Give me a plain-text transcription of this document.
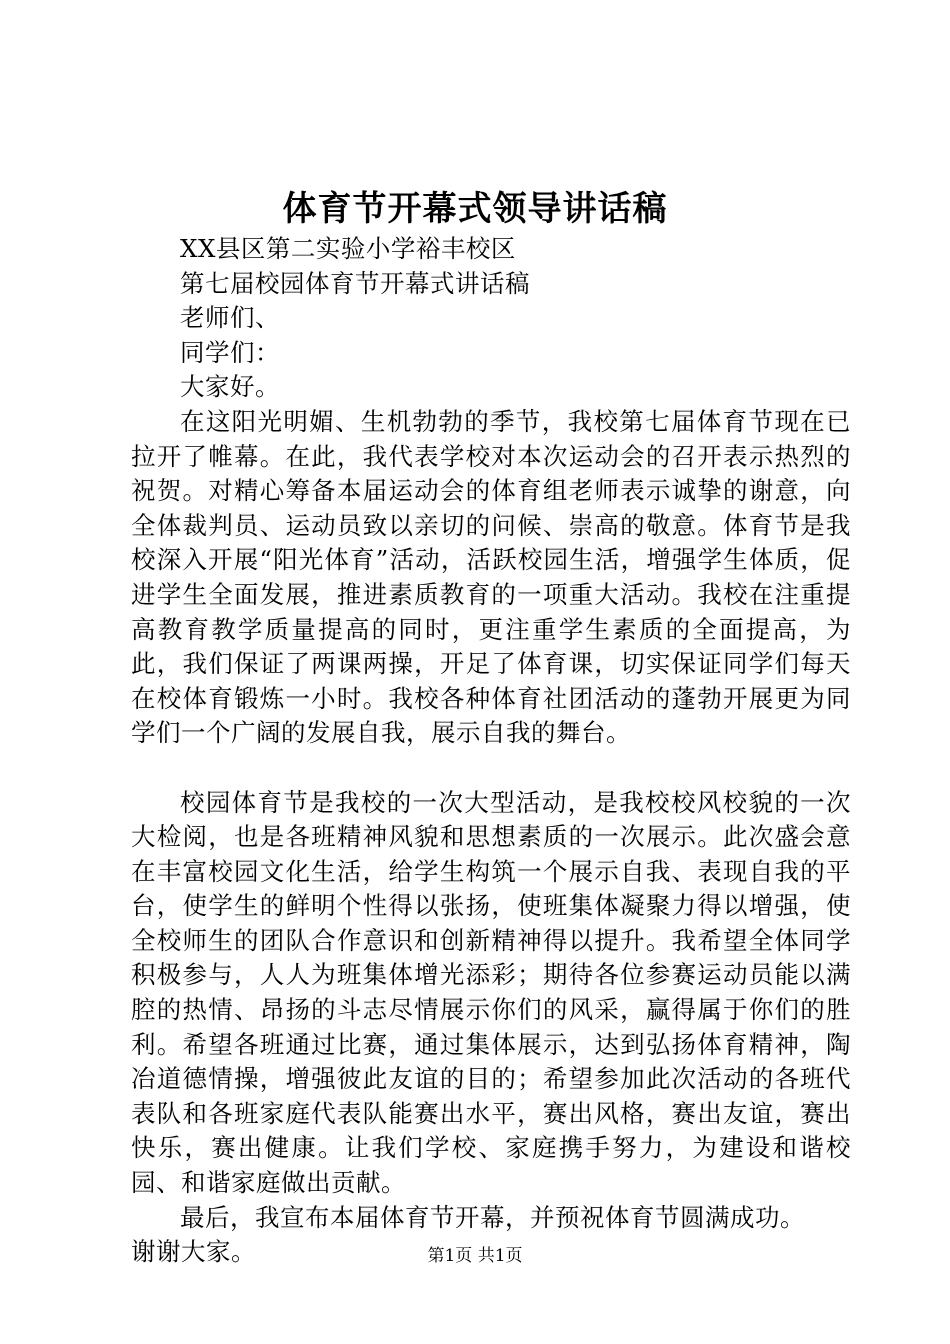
体育节开幕式领导讲话稿

XX县区第二实验小学裕丰校区

第七届校园体育节开幕式讲话稿

老师们、

同学们：

大家好。

在这阳光明媚、生机勃勃的季节，我校第七届体育节现在已拉开了帷幕。在此，我代表学校对本次运动会的召开表示热烈的祝贺。对精心筹备本届运动会的体育组老师表示诚挚的谢意，向全体裁判员、运动员致以亲切的问候、崇高的敬意。体育节是我校深入开展“阳光体育”活动，活跃校园生活，增强学生体质，促进学生全面发展，推进素质教育的一项重大活动。我校在注重提高教育教学质量提高的同时，更注重学生素质的全面提高，为此，我们保证了两课两操，开足了体育课，切实保证同学们每天在校体育锻炼一小时。我校各种体育社团活动的蓬勃开展更为同学们一个广阔的发展自我，展示自我的舞台。

校园体育节是我校的一次大型活动，是我校校风校貌的一次大检阅，也是各班精神风貌和思想素质的一次展示。此次盛会意在丰富校园文化生活，给学生构筑一个展示自我、表现自我的平台，使学生的鲜明个性得以张扬，使班集体凝聚力得以增强，使全校师生的团队合作意识和创新精神得以提升。我希望全体同学积极参与，人人为班集体增光添彩；期待各位参赛运动员能以满腔的热情、昂扬的斗志尽情展示你们的风采，赢得属于你们的胜利。希望各班通过比赛，通过集体展示，达到弘扬体育精神，陶冶道德情操，增强彼此友谊的目的；希望参加此次活动的各班代表队和各班家庭代表队能赛出水平，赛出风格，赛出友谊，赛出快乐，赛出健康。让我们学校、家庭携手努力，为建设和谐校园、和谐家庭做出贡献。

最后，我宣布本届体育节开幕，并预祝体育节圆满成功。

谢谢大家。	第1页 共1页
